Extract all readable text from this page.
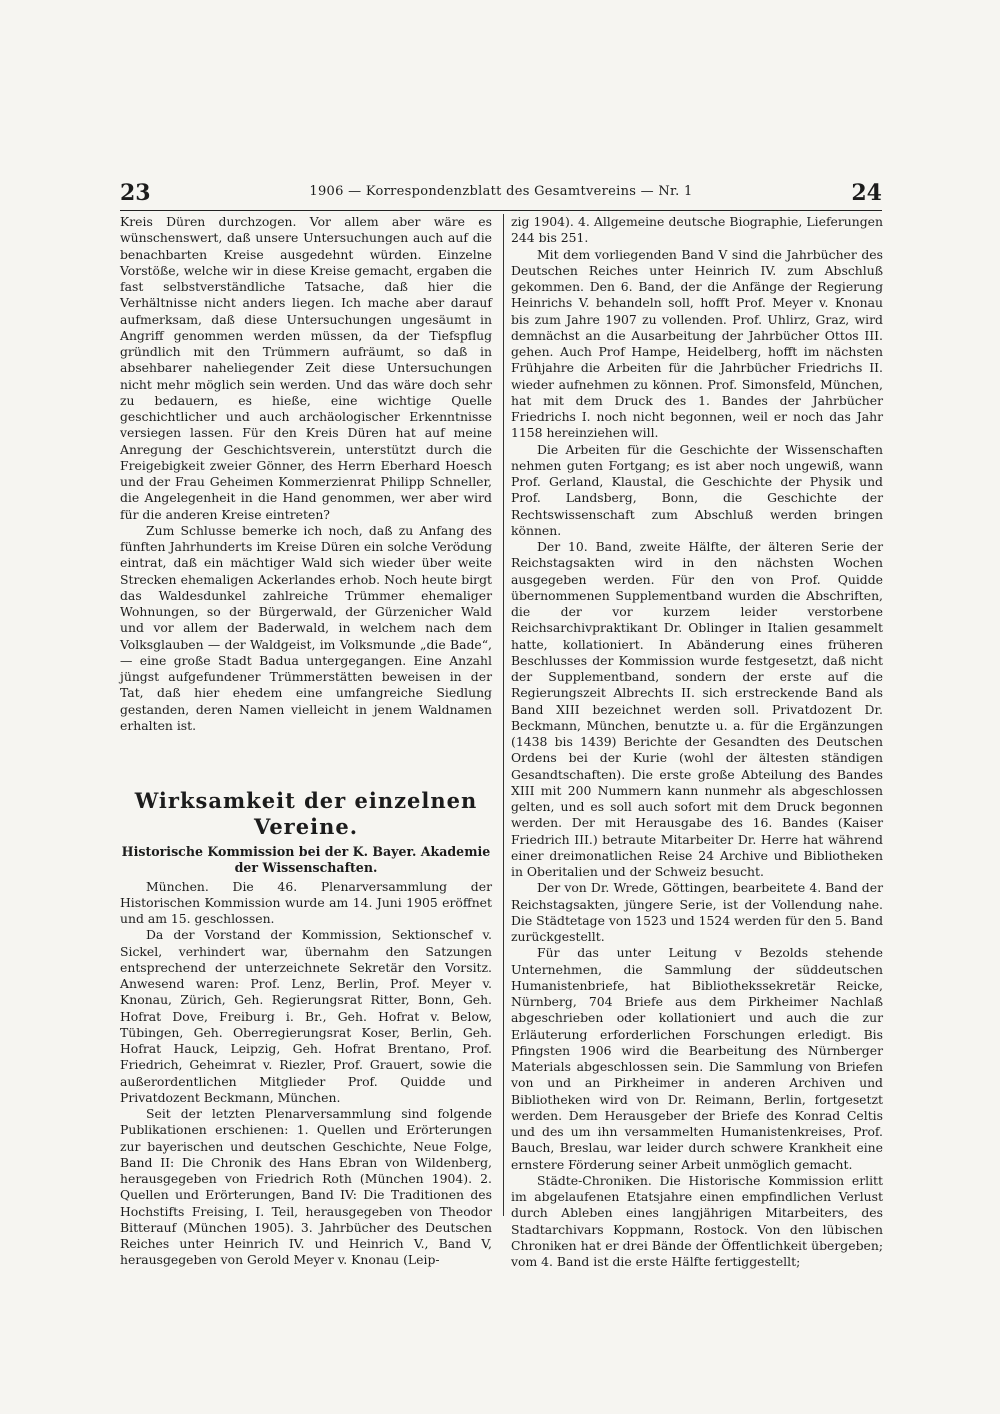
23	1906 — Korrespondenzblatt des Gesamtvereins — Nr. 1	24

Kreis Düren durchzogen. Vor allem aber wäre es wünschenswert, daß unsere Untersuchungen auch auf die benachbarten Kreise ausgedehnt würden. Einzelne Vorstöße, welche wir in diese Kreise gemacht, ergaben die fast selbstverständliche Tatsache, daß hier die Verhältnisse nicht anders liegen. Ich mache aber darauf aufmerksam, daß diese Untersuchungen ungesäumt in Angriff genommen werden müssen, da der Tiefspflug gründlich mit den Trümmern aufräumt, so daß in absehbarer naheliegender Zeit diese Untersuchungen nicht mehr möglich sein werden. Und das wäre doch sehr zu bedauern, es hieße, eine wichtige Quelle geschichtlicher und auch archäologischer Erkenntnisse versiegen lassen. Für den Kreis Düren hat auf meine Anregung der Geschichtsverein, unterstützt durch die Freigebigkeit zweier Gönner, des Herrn Eberhard Hoesch und der Frau Geheimen Kommerzienrat Philipp Schneller, die Angelegenheit in die Hand genommen, wer aber wird für die anderen Kreise eintreten?

Zum Schlusse bemerke ich noch, daß zu Anfang des fünften Jahrhunderts im Kreise Düren ein solche Verödung eintrat, daß ein mächtiger Wald sich wieder über weite Strecken ehemaligen Ackerlandes erhob. Noch heute birgt das Waldesdunkel zahlreiche Trümmer ehemaliger Wohnungen, so der Bürgerwald, der Gürzenicher Wald und vor allem der Baderwald, in welchem nach dem Volksglauben — der Waldgeist, im Volksmunde „die Bade“, — eine große Stadt Badua untergegangen. Eine Anzahl jüngst aufgefundener Trümmerstätten beweisen in der Tat, daß hier ehedem eine umfangreiche Siedlung gestanden, deren Namen vielleicht in jenem Waldnamen erhalten ist.

Wirksamkeit der einzelnen Vereine.
Historische Kommission bei der K. Bayer. Akademie der Wissenschaften.

München. Die 46. Plenarversammlung der Historischen Kommission wurde am 14. Juni 1905 eröffnet und am 15. geschlossen.

Da der Vorstand der Kommission, Sektionschef v. Sickel, verhindert war, übernahm den Satzungen entsprechend der unterzeichnete Sekretär den Vorsitz. Anwesend waren: Prof. Lenz, Berlin, Prof. Meyer v. Knonau, Zürich, Geh. Regierungsrat Ritter, Bonn, Geh. Hofrat Dove, Freiburg i. Br., Geh. Hofrat v. Below, Tübingen, Geh. Oberregierungsrat Koser, Berlin, Geh. Hofrat Hauck, Leipzig, Geh. Hofrat Brentano, Prof. Friedrich, Geheimrat v. Riezler, Prof. Grauert, sowie die außerordentlichen Mitglieder Prof. Quidde und Privatdozent Beckmann, München.

Seit der letzten Plenarversammlung sind folgende Publikationen erschienen: 1. Quellen und Erörterungen zur bayerischen und deutschen Geschichte, Neue Folge, Band II: Die Chronik des Hans Ebran von Wildenberg, herausgegeben von Friedrich Roth (München 1904). 2. Quellen und Erörterungen, Band IV: Die Traditionen des Hochstifts Freising, I. Teil, herausgegeben von Theodor Bitterauf (München 1905). 3. Jahrbücher des Deutschen Reiches unter Heinrich IV. und Heinrich V., Band V, herausgegeben von Gerold Meyer v. Knonau (Leip-

zig 1904). 4. Allgemeine deutsche Biographie, Lieferungen 244 bis 251.

Mit dem vorliegenden Band V sind die Jahrbücher des Deutschen Reiches unter Heinrich IV. zum Abschluß gekommen. Den 6. Band, der die Anfänge der Regierung Heinrichs V. behandeln soll, hofft Prof. Meyer v. Knonau bis zum Jahre 1907 zu vollenden. Prof. Uhlirz, Graz, wird demnächst an die Ausarbeitung der Jahrbücher Ottos III. gehen. Auch Prof Hampe, Heidelberg, hofft im nächsten Frühjahre die Arbeiten für die Jahrbücher Friedrichs II. wieder aufnehmen zu können. Prof. Simonsfeld, München, hat mit dem Druck des 1. Bandes der Jahrbücher Friedrichs I. noch nicht begonnen, weil er noch das Jahr 1158 hereinziehen will.

Die Arbeiten für die Geschichte der Wissenschaften nehmen guten Fortgang; es ist aber noch ungewiß, wann Prof. Gerland, Klaustal, die Geschichte der Physik und Prof. Landsberg, Bonn, die Geschichte der Rechtswissenschaft zum Abschluß werden bringen können.

Der 10. Band, zweite Hälfte, der älteren Serie der Reichstagsakten wird in den nächsten Wochen ausgegeben werden. Für den von Prof. Quidde übernommenen Supplementband wurden die Abschriften, die der vor kurzem leider verstorbene Reichsarchivpraktikant Dr. Oblinger in Italien gesammelt hatte, kollationiert. In Abänderung eines früheren Beschlusses der Kommission wurde festgesetzt, daß nicht der Supplementband, sondern der erste auf die Regierungszeit Albrechts II. sich erstreckende Band als Band XIII bezeichnet werden soll. Privatdozent Dr. Beckmann, München, benutzte u. a. für die Ergänzungen (1438 bis 1439) Berichte der Gesandten des Deutschen Ordens bei der Kurie (wohl der ältesten ständigen Gesandtschaften). Die erste große Abteilung des Bandes XIII mit 200 Nummern kann nunmehr als abgeschlossen gelten, und es soll auch sofort mit dem Druck begonnen werden. Der mit Herausgabe des 16. Bandes (Kaiser Friedrich III.) betraute Mitarbeiter Dr. Herre hat während einer dreimonatlichen Reise 24 Archive und Bibliotheken in Oberitalien und der Schweiz besucht.

Der von Dr. Wrede, Göttingen, bearbeitete 4. Band der Reichstagsakten, jüngere Serie, ist der Vollendung nahe. Die Städtetage von 1523 und 1524 werden für den 5. Band zurückgestellt.

Für das unter Leitung v Bezolds stehende Unternehmen, die Sammlung der süddeutschen Humanistenbriefe, hat Bibliothekssekretär Reicke, Nürnberg, 704 Briefe aus dem Pirkheimer Nachlaß abgeschrieben oder kollationiert und auch die zur Erläuterung erforderlichen Forschungen erledigt. Bis Pfingsten 1906 wird die Bearbeitung des Nürnberger Materials abgeschlossen sein. Die Sammlung von Briefen von und an Pirkheimer in anderen Archiven und Bibliotheken wird von Dr. Reimann, Berlin, fortgesetzt werden. Dem Herausgeber der Briefe des Konrad Celtis und des um ihn versammelten Humanistenkreises, Prof. Bauch, Breslau, war leider durch schwere Krankheit eine ernstere Förderung seiner Arbeit unmöglich gemacht.

Städte-Chroniken. Die Historische Kommission erlitt im abgelaufenen Etatsjahre einen empfindlichen Verlust durch Ableben eines langjährigen Mitarbeiters, des Stadtarchivars Koppmann, Rostock. Von den lübischen Chroniken hat er drei Bände der Öffentlichkeit übergeben; vom 4. Band ist die erste Hälfte fertiggestellt;
